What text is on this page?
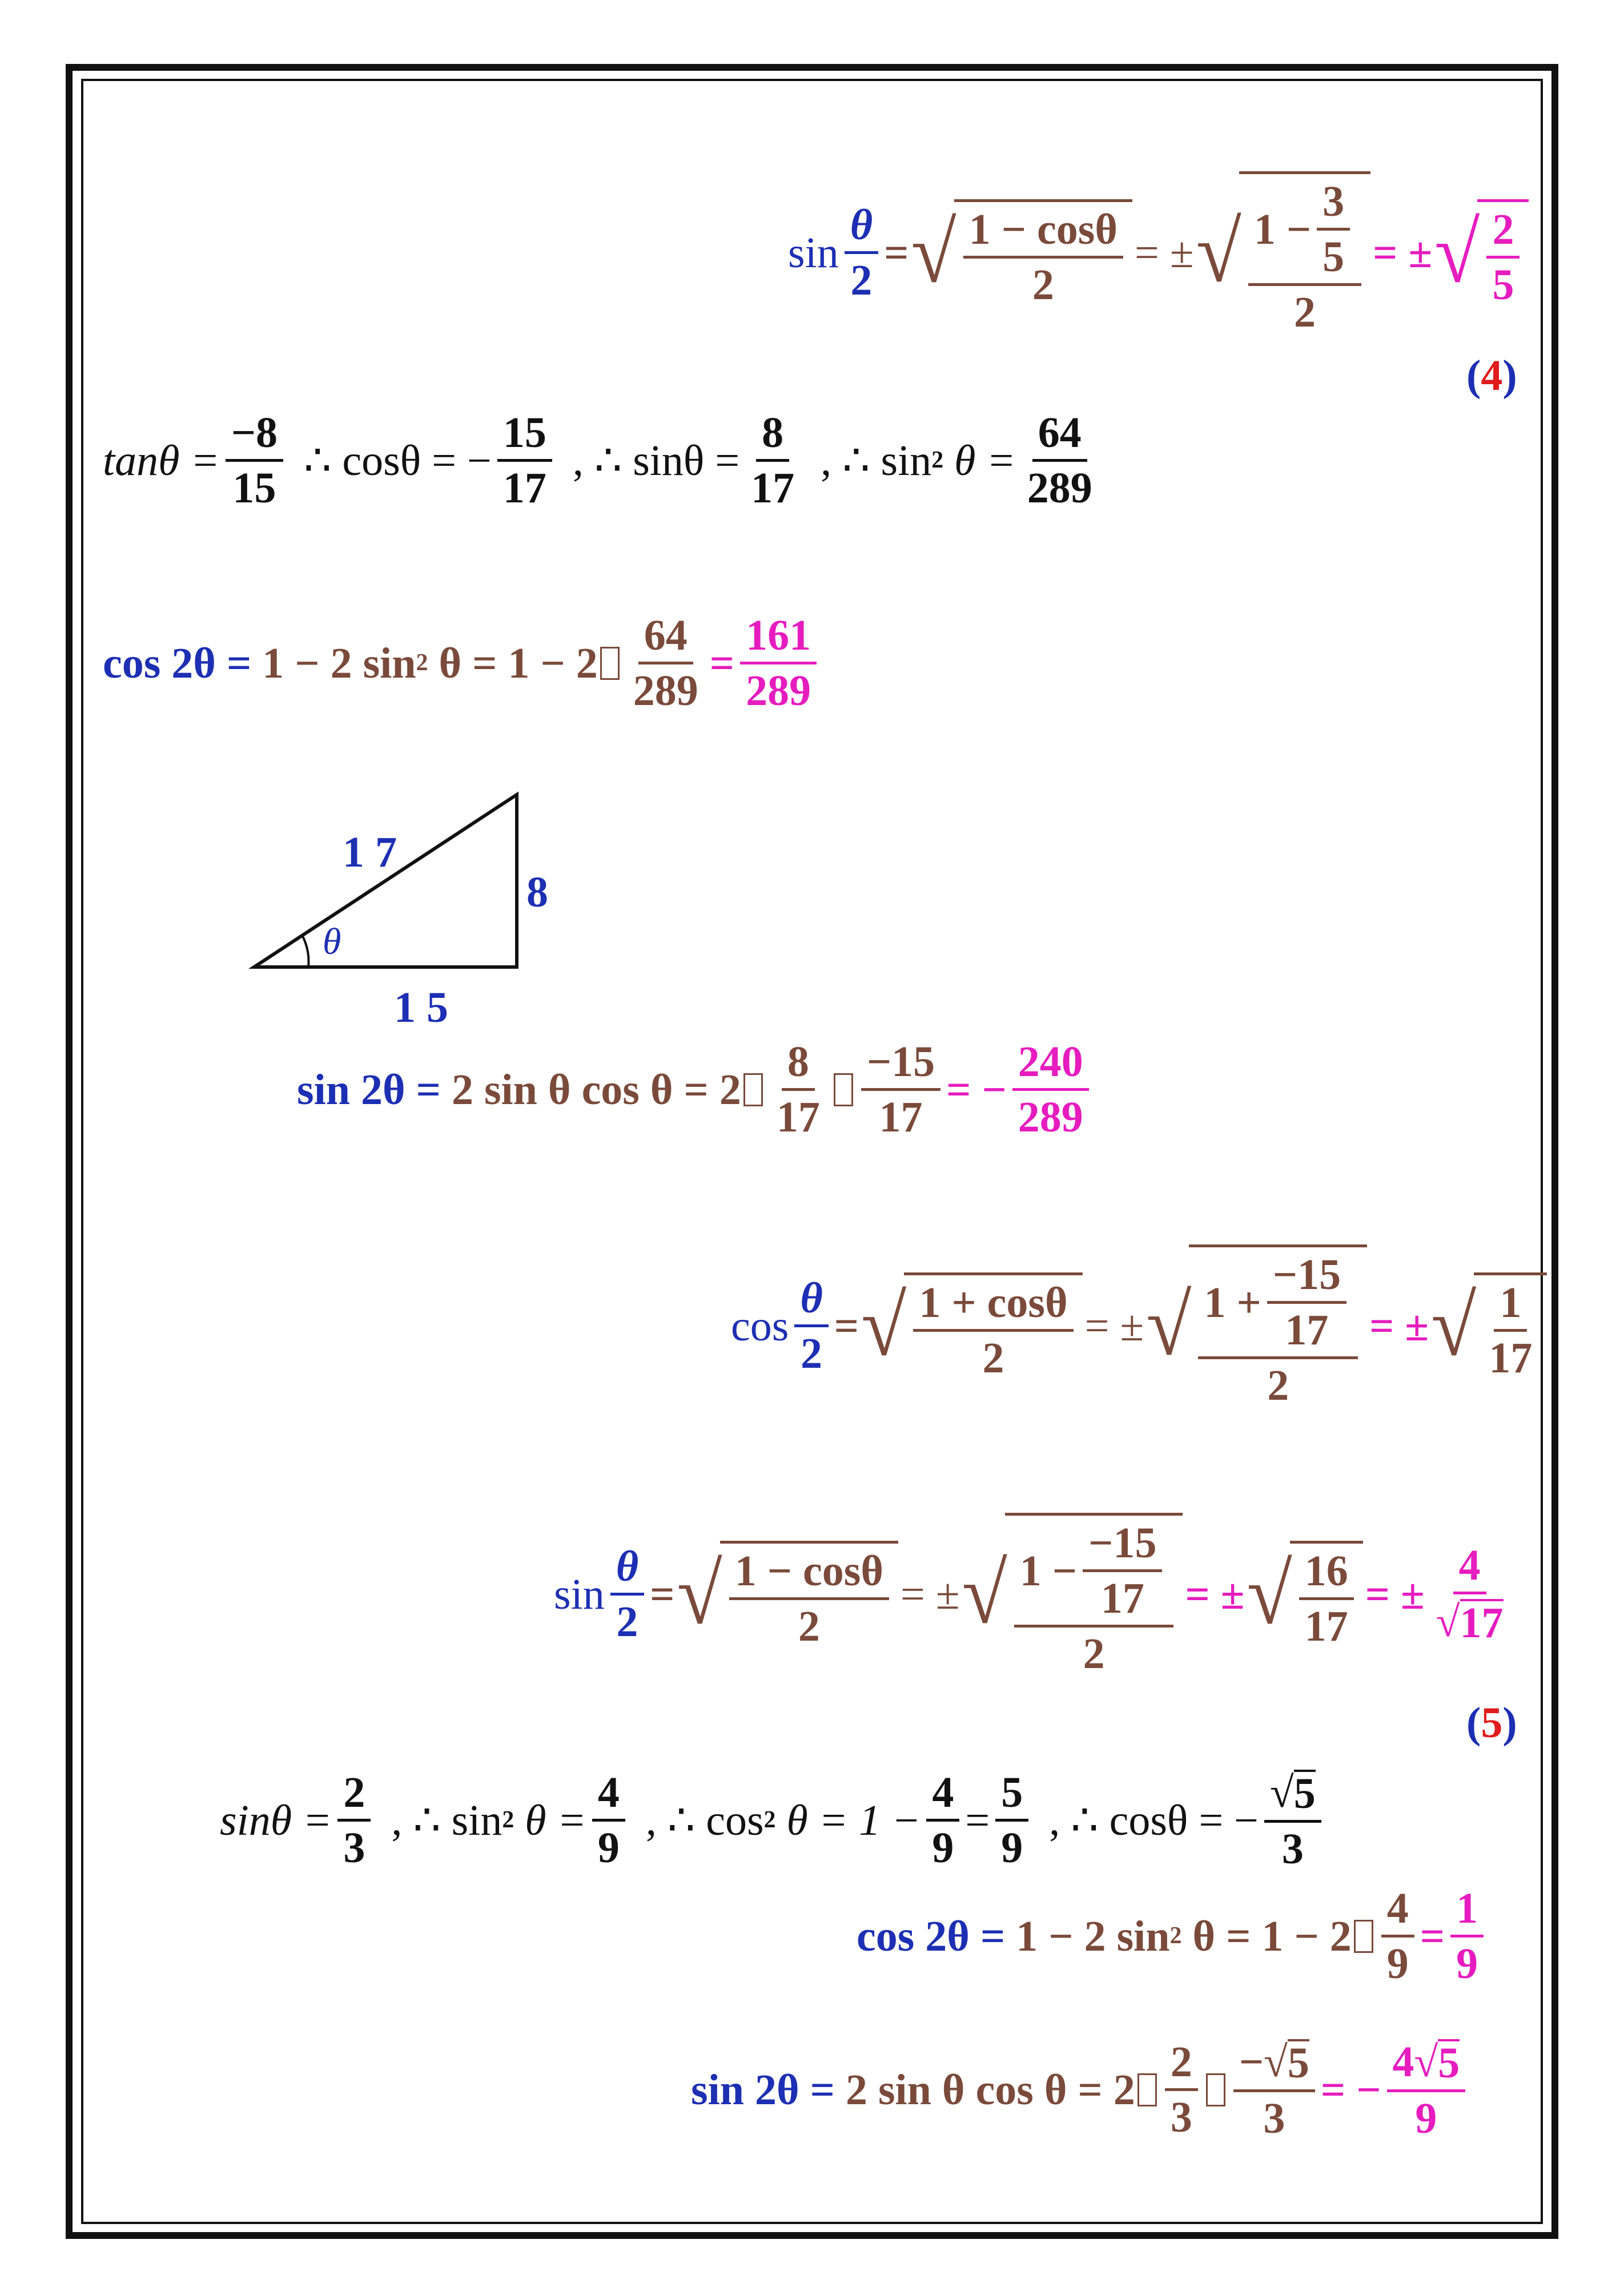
$\sin \frac{\theta}{2}$ = √ $\frac{1 - \cos\theta}{2}$ = ± √ $\frac{1 - \frac{3}{5}}{2}$ = ± √ $\frac{2}{5}$
(4)
$\tan\theta = \frac{-8}{15}$ ∴ cosθ = − $\frac{15}{17}$ , ∴ $\sin\theta = \frac{8}{17}$ , ∴ sin 2
$\theta = \frac{64}{289}$
cos 2θ =
1 − 2 sin 2
$\theta = 1 - 2 \frac{64}{289} = \frac{161}{289}$
1 7
8
1 5
θ
sin 2θ =
2 sin θ $\cos \theta = 2 \frac{8}{17} \frac{-15}{17}$ = − $\frac{240}{289}$
$\cos \frac{\theta}{2}$ = √ $\frac{1 + \cos\theta}{2}$ = ± √ $\frac{1 + \frac{-15}{17}}{2}$ = ± √ $\frac{1}{17}$
$\sin \frac{\theta}{2}$ = √ $\frac{1 - \cos\theta}{2}$ = ± √ $\frac{1 - \frac{-15}{17}}{2}$ = ± √ $\frac{16}{17}$ = ± $\frac{4}{√ 17}$
(5)
$\sin\theta = \frac{2}{3}$ , ∴ sin 2
$\theta = \frac{4}{9}$ , ∴ cos 2
$\theta = 1 - \frac{4}{9} = \frac{5}{9}$ , ∴ cosθ = − $\frac{√ 5}{3}$
cos 2θ =
1 − 2 sin 2
$\theta = 1 - 2 \frac{4}{9} = \frac{1}{9}$
sin 2θ =
2 sin θ $\cos \theta = 2 \frac{2}{3} \frac{- √ 5}{3}$ = − $\frac{4 √ 5}{9}$
